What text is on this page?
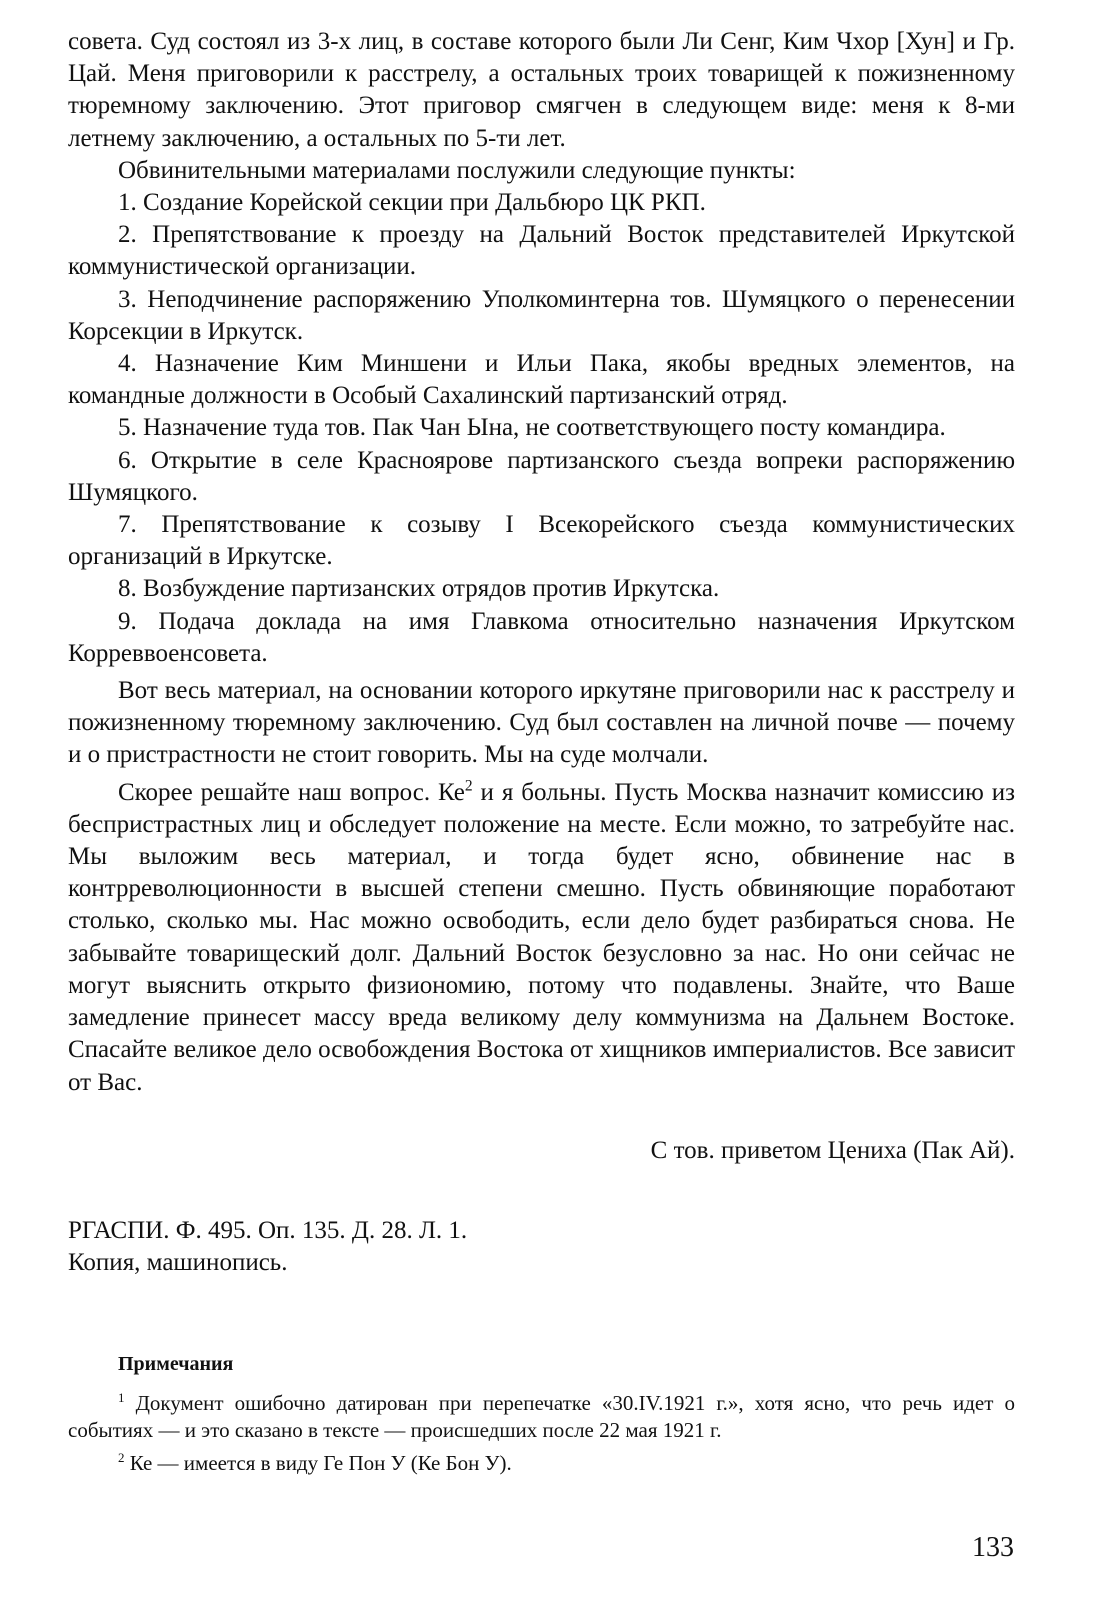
совета. Суд состоял из 3-х лиц, в составе которого были Ли Сенг, Ким Чхор [Хун] и Гр. Цай. Меня приговорили к расстрелу, а остальных троих товарищей к пожизненному тюремному заключению. Этот приговор смягчен в следующем виде: меня к 8-ми летнему заключению, а остальных по 5-ти лет.

Обвинительными материалами послужили следующие пункты:

1. Создание Корейской секции при Дальбюро ЦК РКП.

2. Препятствование к проезду на Дальний Восток представителей Иркутской коммунистической организации.

3. Неподчинение распоряжению Уполкоминтерна тов. Шумяцкого о перенесении Корсекции в Иркутск.

4. Назначение Ким Миншени и Ильи Пака, якобы вредных элементов, на командные должности в Особый Сахалинский партизанский отряд.

5. Назначение туда тов. Пак Чан Ына, не соответствующего посту командира.

6. Открытие в селе Красноярове партизанского съезда вопреки распоряжению Шумяцкого.

7. Препятствование к созыву I Всекорейского съезда коммунистических организаций в Иркутске.

8. Возбуждение партизанских отрядов против Иркутска.

9. Подача доклада на имя Главкома относительно назначения Иркутском Корреввоенсовета.

Вот весь материал, на основании которого иркутяне приговорили нас к расстрелу и пожизненному тюремному заключению. Суд был составлен на личной почве — почему и о пристрастности не стоит говорить. Мы на суде молчали.

Скорее решайте наш вопрос. $Ке^2$ и я больны. Пусть Москва назначит комиссию из беспристрастных лиц и обследует положение на месте. Если можно, то затребуйте нас. Мы выложим весь материал, и тогда будет ясно, обвинение нас в контрреволюционности в высшей степени смешно. Пусть обвиняющие поработают столько, сколько мы. Нас можно освободить, если дело будет разбираться снова. Не забывайте товарищеский долг. Дальний Восток безусловно за нас. Но они сейчас не могут выяснить открыто физиономию, потому что подавлены. Знайте, что Ваше замедление принесет массу вреда великому делу коммунизма на Дальнем Востоке. Спасайте великое дело освобождения Востока от хищников империалистов. Все зависит от Вас.

С тов. приветом Цениха (Пак Ай).
РГАСПИ. Ф. 495. Оп. 135. Д. 28. Л. 1.
Копия, машинопись.
Примечания

$^1$ Документ ошибочно датирован при перепечатке «30.IV.1921 г.», хотя ясно, что речь идет о событиях — и это сказано в тексте — происшедших после 22 мая 1921 г.

$^2$ Ке — имеется в виду Ге Пон У (Ке Бон У).

133
